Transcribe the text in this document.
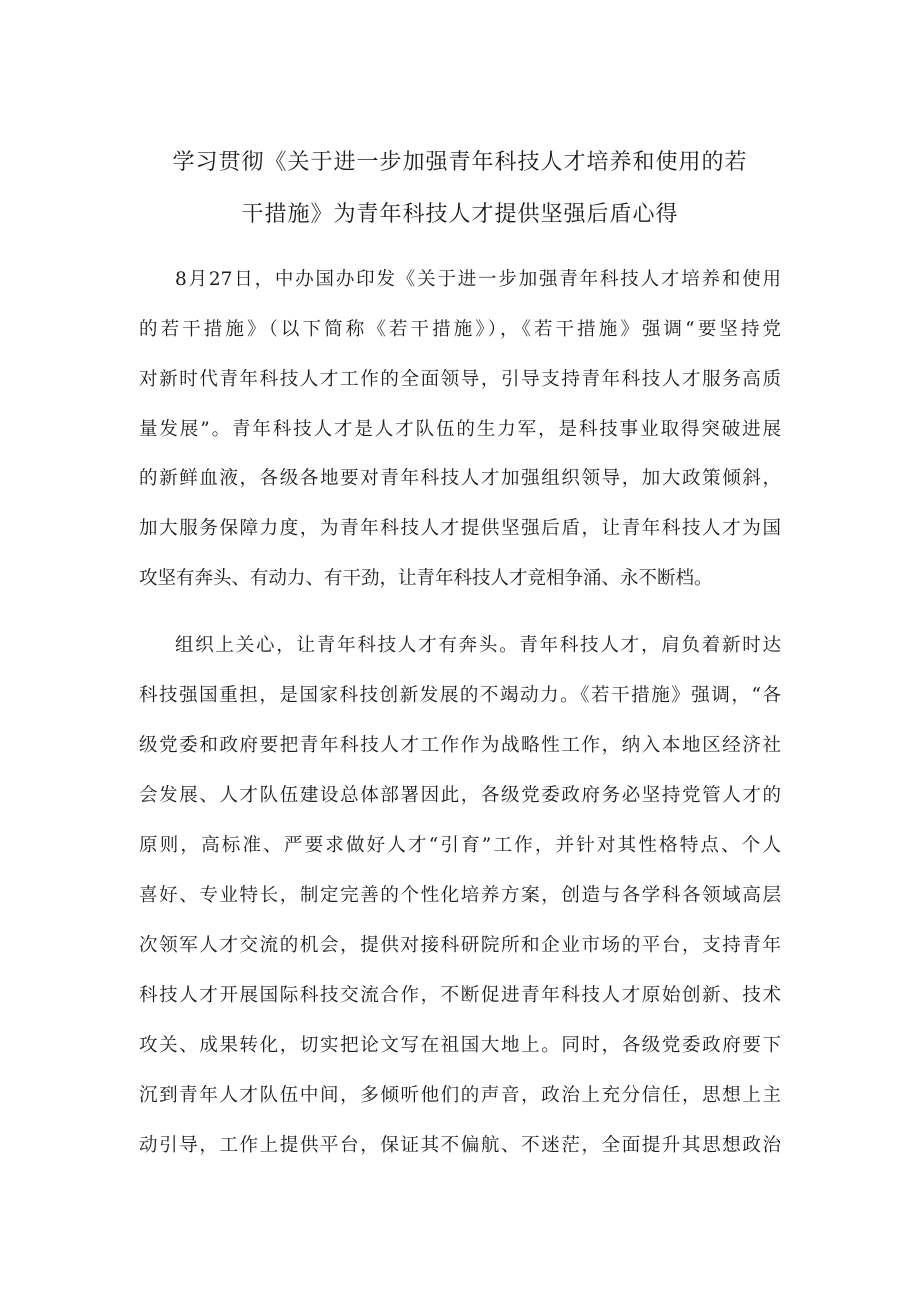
学习贯彻《关于进一步加强青年科技人才培养和使用的若
干措施》为青年科技人才提供坚强后盾心得
8月27日，中办国办印发《关于进一步加强青年科技人才培养和使用
的若干措施》（以下简称《若干措施》），《若干措施》强调“要坚持党
对新时代青年科技人才工作的全面领导，引导支持青年科技人才服务高质
量发展”。青年科技人才是人才队伍的生力军，是科技事业取得突破进展
的新鲜血液，各级各地要对青年科技人才加强组织领导，加大政策倾斜，
加大服务保障力度，为青年科技人才提供坚强后盾，让青年科技人才为国
攻坚有奔头、有动力、有干劲，让青年科技人才竞相争涌、永不断档。
组织上关心，让青年科技人才有奔头。青年科技人才，肩负着新时达
科技强国重担，是国家科技创新发展的不竭动力。《若干措施》强调，“各
级党委和政府要把青年科技人才工作作为战略性工作，纳入本地区经济社
会发展、人才队伍建设总体部署因此，各级党委政府务必坚持党管人才的
原则，高标准、严要求做好人才“引育”工作，并针对其性格特点、个人
喜好、专业特长，制定完善的个性化培养方案，创造与各学科各领域高层
次领军人才交流的机会，提供对接科研院所和企业市场的平台，支持青年
科技人才开展国际科技交流合作，不断促进青年科技人才原始创新、技术
攻关、成果转化，切实把论文写在祖国大地上。同时，各级党委政府要下
沉到青年人才队伍中间，多倾听他们的声音，政治上充分信任，思想上主
动引导，工作上提供平台，保证其不偏航、不迷茫，全面提升其思想政治
